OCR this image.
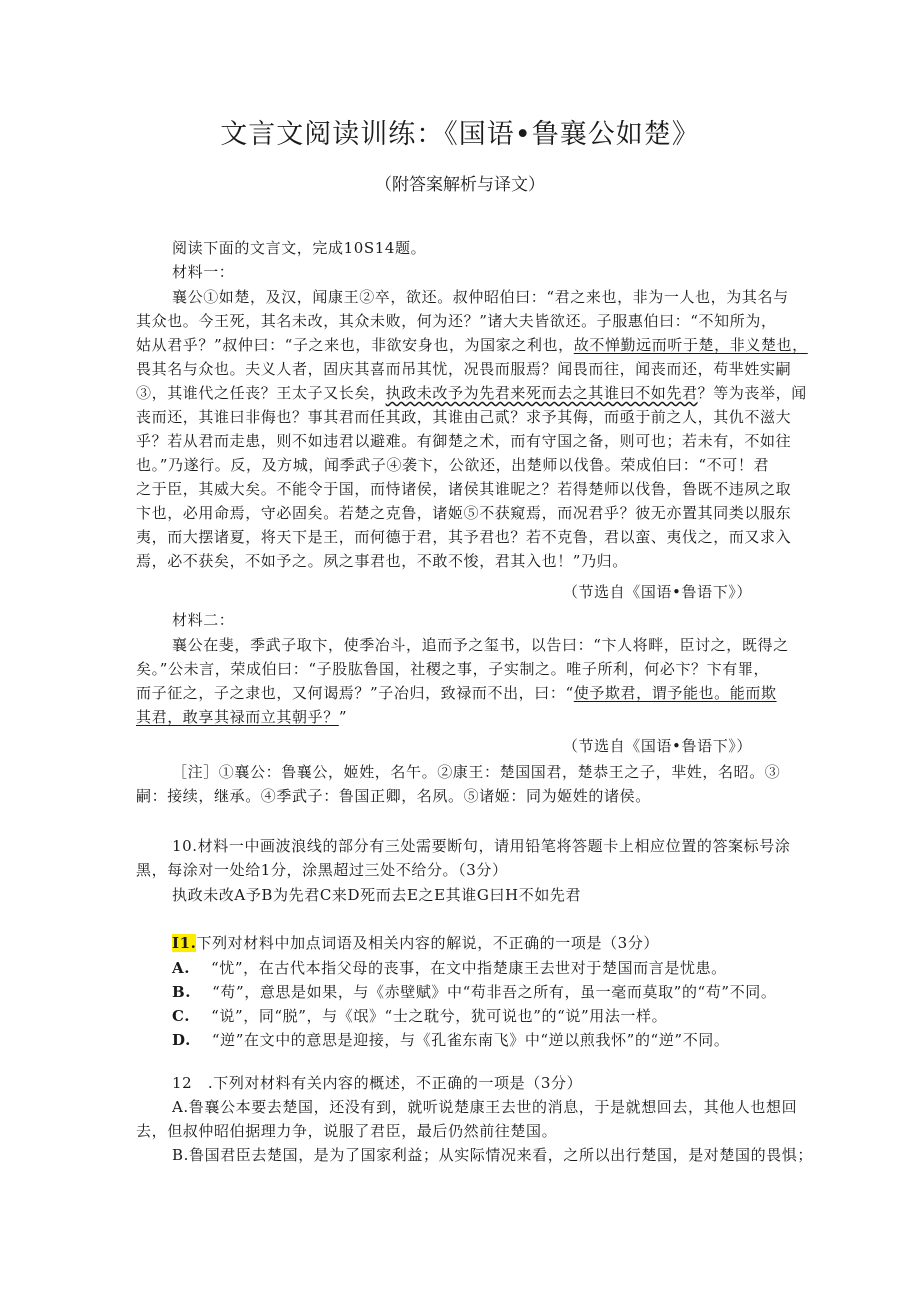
文言文阅读训练：《国语•鲁襄公如楚》
（附答案解析与译文）
阅读下面的文言文，完成10S14题。
材料一：
襄公①如楚，及汉，闻康王②卒，欲还。叔仲昭伯曰：“君之来也，非为一人也，为其名与
其众也。今王死，其名未改，其众未败，何为还？”诸大夫皆欲还。子服惠伯曰：“不知所为，
姑从君乎？”叔仲曰：“子之来也，非欲安身也，为国家之利也，故不惮勤远而听于楚，非义楚也，
畏其名与众也。夫义人者，固庆其喜而吊其忧，况畏而服焉？闻畏而往，闻丧而还，苟芈姓实嗣
③，其谁代之任丧？王太子又长矣，执政未改予为先君来死而去之其谁曰不如先君？等为丧举，闻
丧而还，其谁曰非侮也？事其君而任其政，其谁由己贰？求予其侮，而亟于前之人，其仇不滋大
乎？若从君而走患，则不如违君以避难。有御楚之术，而有守国之备，则可也；若未有，不如往
也。”乃遂行。反，及方城，闻季武子④袭卞，公欲还，出楚师以伐鲁。荣成伯曰：“不可！君
之于臣，其威大矣。不能令于国，而恃诸侯，诸侯其谁昵之？若得楚师以伐鲁，鲁既不违夙之取
卞也，必用命焉，守必固矣。若楚之克鲁，诸姬⑤不获窥焉，而况君乎？彼无亦置其同类以服东
夷，而大摆诸夏，将天下是王，而何德于君，其予君也？若不克鲁，君以蛮、夷伐之，而又求入
焉，必不获矣，不如予之。夙之事君也，不敢不悛，君其入也！”乃归。
（节选自《国语•鲁语下》）
材料二：
襄公在斐，季武子取卞，使季冶斗，追而予之玺书，以告曰：“卞人将畔，臣讨之，既得之
矣。”公未言，荣成伯曰：“子股肱鲁国，社稷之事，子实制之。唯子所利，何必卞？卞有罪，
而子征之，子之隶也，又何谒焉？”子冶归，致禄而不出，曰：“使予欺君，谓予能也。能而欺
其君，敢享其禄而立其朝乎？”
（节选自《国语•鲁语下》）
［注］①襄公：鲁襄公，姬姓，名午。②康王：楚国国君，楚恭王之子，芈姓，名昭。③
嗣：接续，继承。④季武子：鲁国正卿，名夙。⑤诸姬：同为姬姓的诸侯。
10.材料一中画波浪线的部分有三处需要断句，请用铅笔将答题卡上相应位置的答案标号涂
黑，每涂对一处给1分，涂黑超过三处不给分。（3分）
执政未改A予B为先君C来D死而去E之E其谁G曰H不如先君
I1.下列对材料中加点词语及相关内容的解说，不正确的一项是（3分）
A.　 “忧”，在古代本指父母的丧事，在文中指楚康王去世对于楚国而言是忧患。
B.　 “苟”，意思是如果，与《赤壁赋》中“苟非吾之所有，虽一毫而莫取”的“苟”不同。
C.　 “说”，同“脱”，与《氓》“士之耽兮，犹可说也”的“说”用法一样。
D.　 “逆”在文中的意思是迎接，与《孔雀东南飞》中“逆以煎我怀”的“逆”不同。
12　.下列对材料有关内容的概述，不正确的一项是（3分）
A.鲁襄公本要去楚国，还没有到，就听说楚康王去世的消息，于是就想回去，其他人也想回
去，但叔仲昭伯据理力争，说服了君臣，最后仍然前往楚国。
B.鲁国君臣去楚国，是为了国家利益；从实际情况来看，之所以出行楚国，是对楚国的畏惧；
